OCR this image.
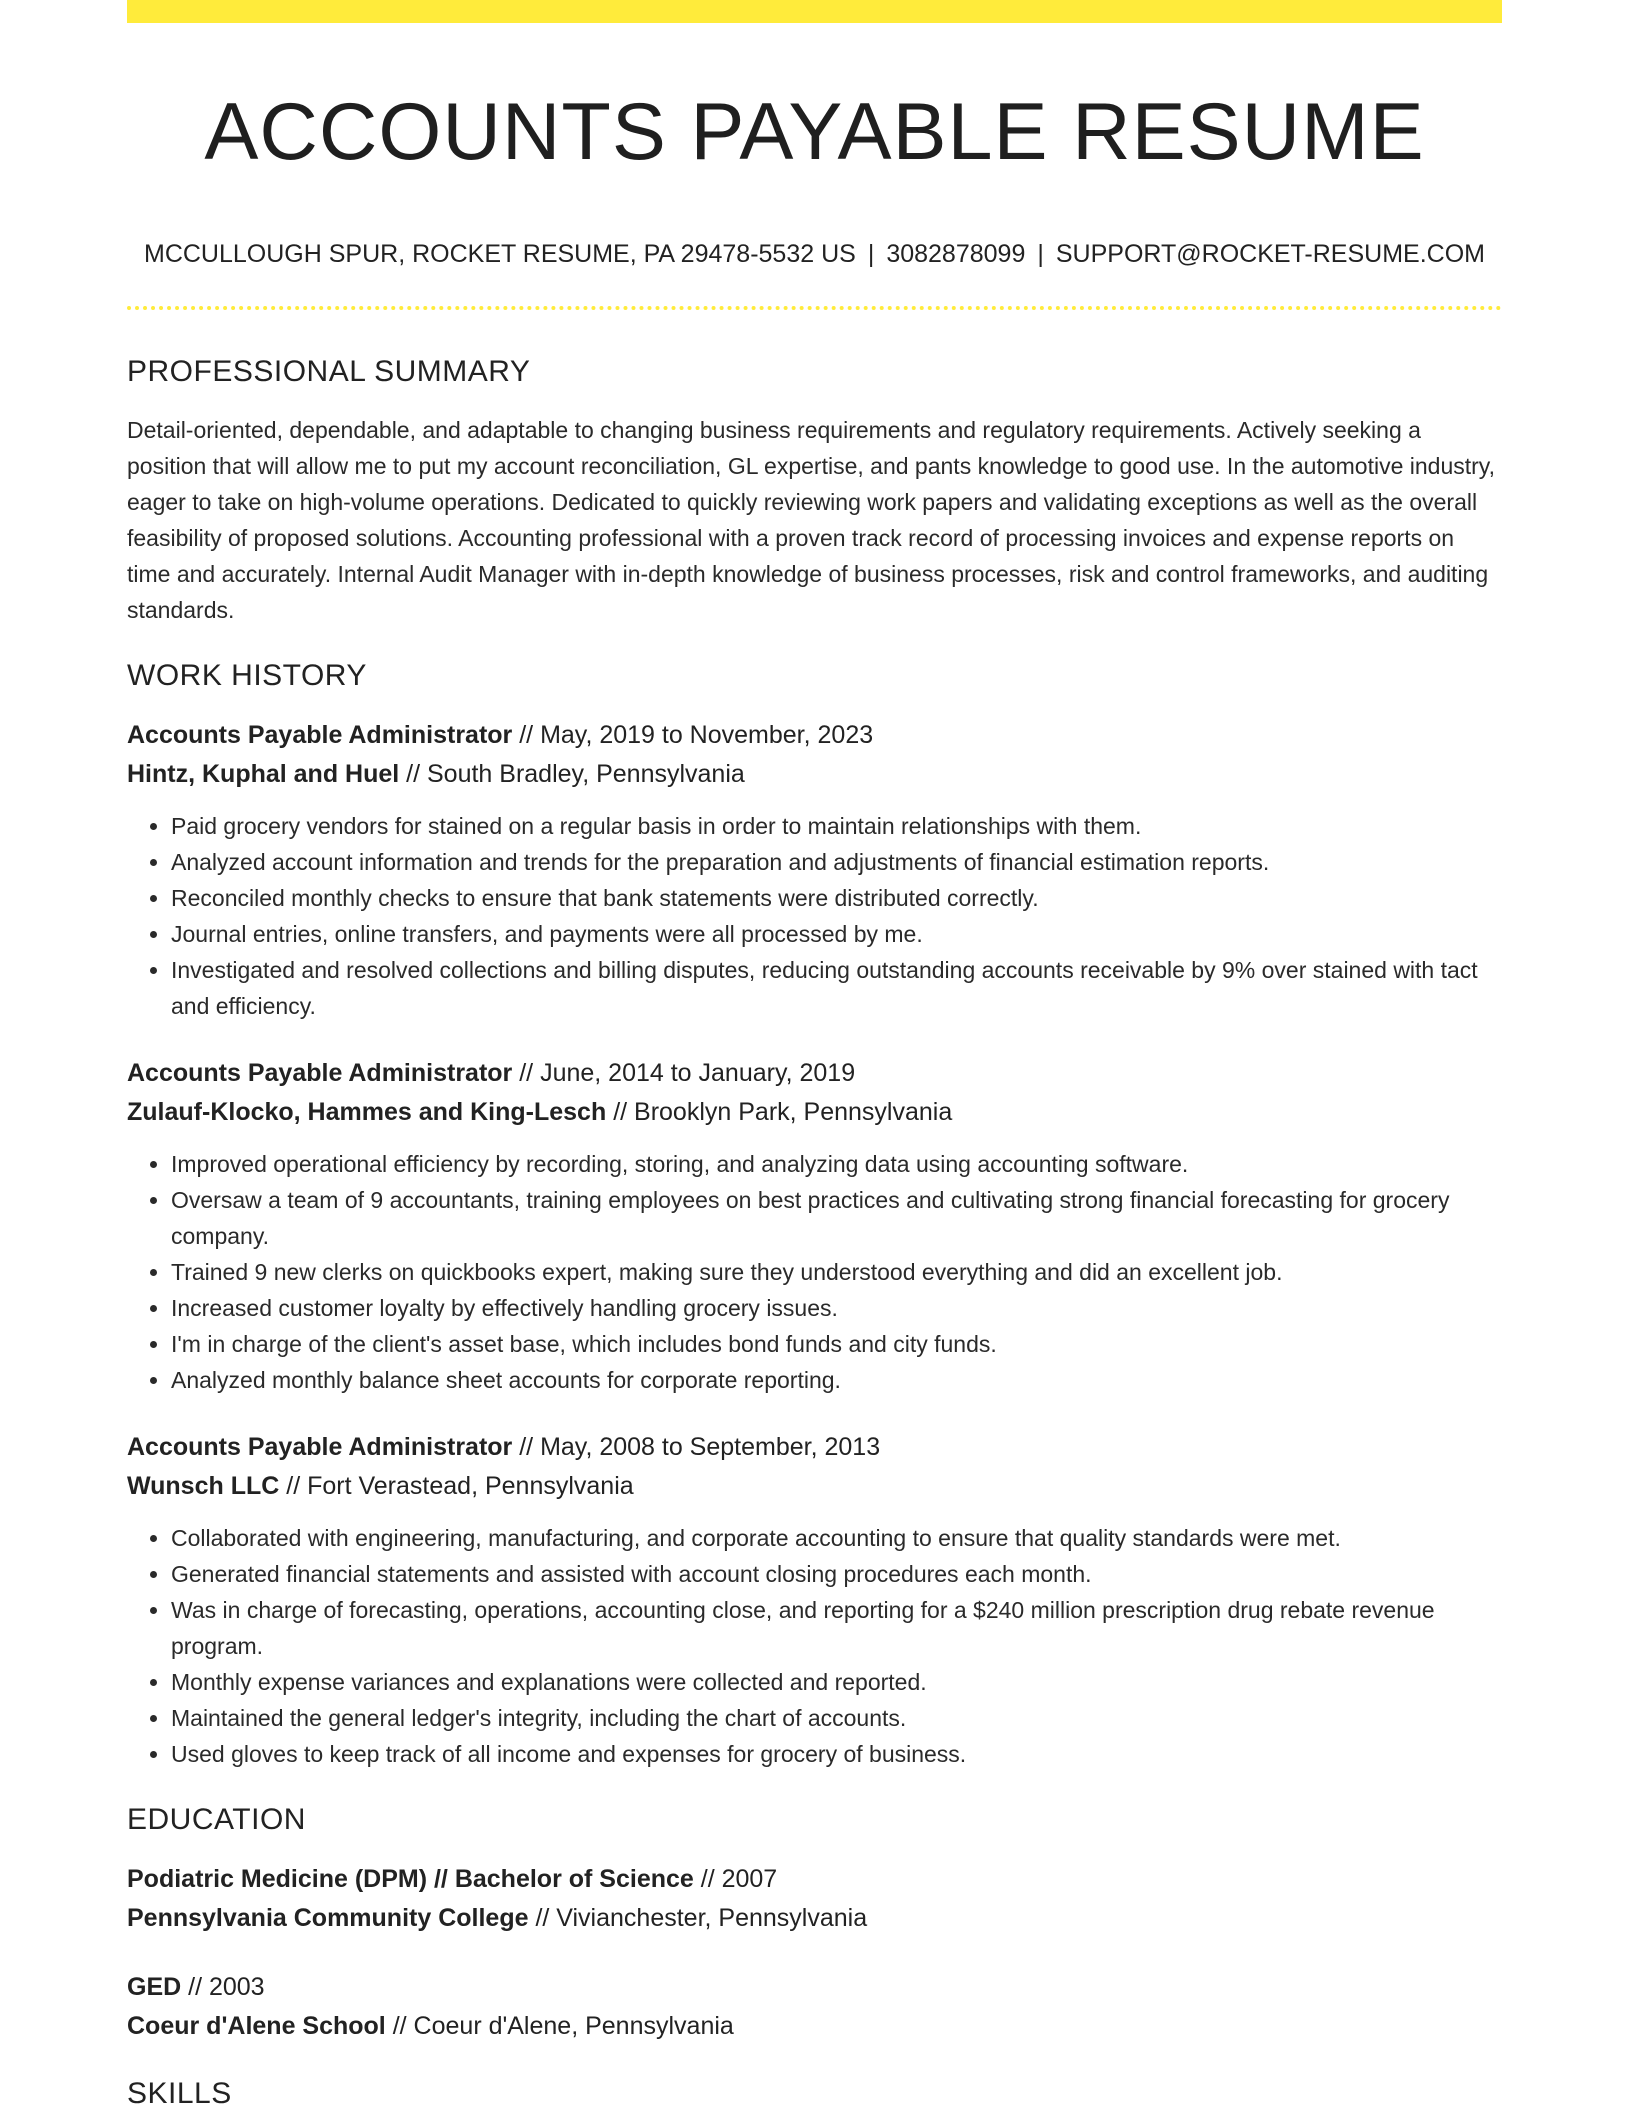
ACCOUNTS PAYABLE RESUME
MCCULLOUGH SPUR, ROCKET RESUME, PA 29478-5532 US | 3082878099 | SUPPORT@ROCKET-RESUME.COM
PROFESSIONAL SUMMARY

Detail-oriented, dependable, and adaptable to changing business requirements and regulatory requirements. Actively seeking a position that will allow me to put my account reconciliation, GL expertise, and pants knowledge to good use. In the automotive industry, eager to take on high-volume operations. Dedicated to quickly reviewing work papers and validating exceptions as well as the overall feasibility of proposed solutions. Accounting professional with a proven track record of processing invoices and expense reports on time and accurately. Internal Audit Manager with in-depth knowledge of business processes, risk and control frameworks, and auditing standards.

WORK HISTORY
Accounts Payable Administrator // May, 2019 to November, 2023
Hintz, Kuphal and Huel // South Bradley, Pennsylvania
• Paid grocery vendors for stained on a regular basis in order to maintain relationships with them.
• Analyzed account information and trends for the preparation and adjustments of financial estimation reports.
• Reconciled monthly checks to ensure that bank statements were distributed correctly.
• Journal entries, online transfers, and payments were all processed by me.
• Investigated and resolved collections and billing disputes, reducing outstanding accounts receivable by 9% over stained with tact and efficiency.
Accounts Payable Administrator // June, 2014 to January, 2019
Zulauf-Klocko, Hammes and King-Lesch // Brooklyn Park, Pennsylvania
• Improved operational efficiency by recording, storing, and analyzing data using accounting software.
• Oversaw a team of 9 accountants, training employees on best practices and cultivating strong financial forecasting for grocery company.
• Trained 9 new clerks on quickbooks expert, making sure they understood everything and did an excellent job.
• Increased customer loyalty by effectively handling grocery issues.
• I'm in charge of the client's asset base, which includes bond funds and city funds.
• Analyzed monthly balance sheet accounts for corporate reporting.
Accounts Payable Administrator // May, 2008 to September, 2013
Wunsch LLC // Fort Verastead, Pennsylvania
• Collaborated with engineering, manufacturing, and corporate accounting to ensure that quality standards were met.
• Generated financial statements and assisted with account closing procedures each month.
• Was in charge of forecasting, operations, accounting close, and reporting for a $240 million prescription drug rebate revenue program.
• Monthly expense variances and explanations were collected and reported.
• Maintained the general ledger's integrity, including the chart of accounts.
• Used gloves to keep track of all income and expenses for grocery of business.
EDUCATION
Podiatric Medicine (DPM) // Bachelor of Science // 2007
Pennsylvania Community College // Vivianchester, Pennsylvania
GED // 2003
Coeur d'Alene School // Coeur d'Alene, Pennsylvania
SKILLS
